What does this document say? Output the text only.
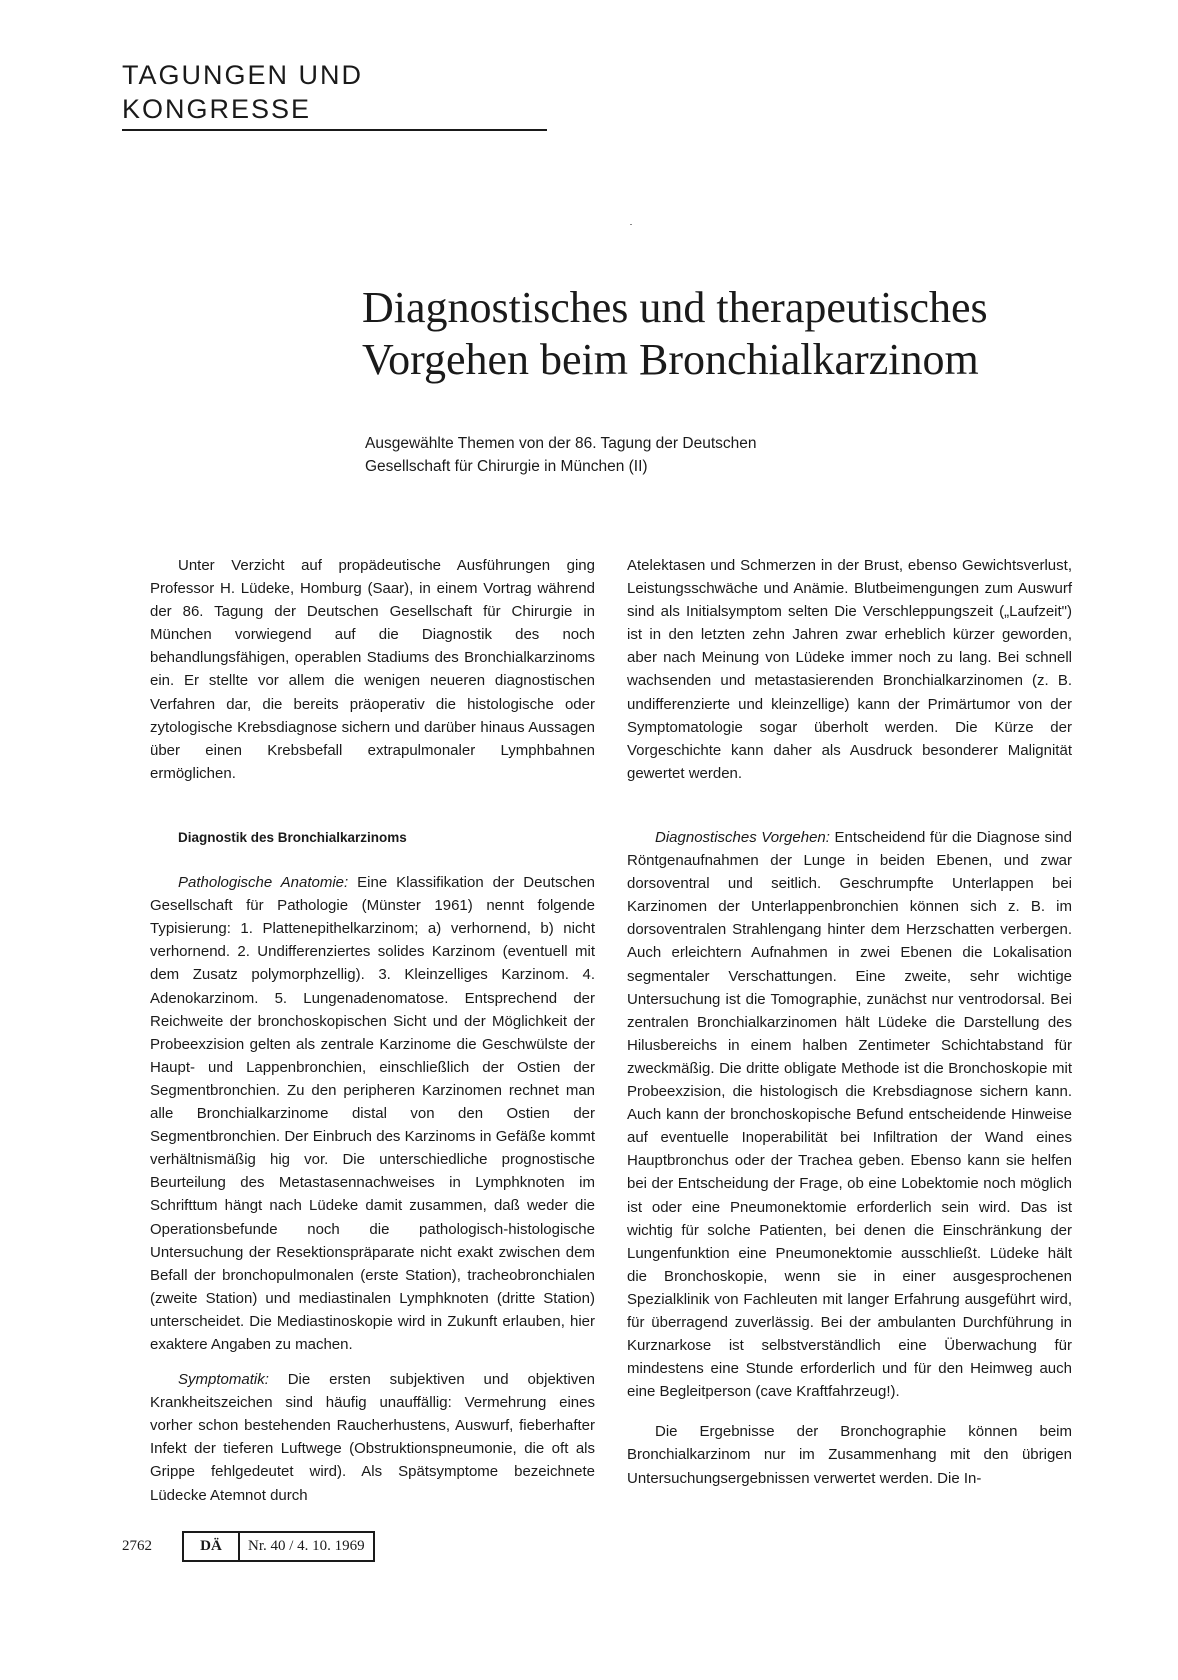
TAGUNGEN UND KONGRESSE
Diagnostisches und therapeutisches
Vorgehen beim Bronchialkarzinom
Ausgewählte Themen von der 86. Tagung der Deutschen
Gesellschaft für Chirurgie in München (II)

Unter Verzicht auf propädeutische Ausführungen ging Professor H. Lüdeke, Homburg (Saar), in einem Vortrag während der 86. Tagung der Deutschen Gesellschaft für Chirurgie in München vorwiegend auf die Diagnostik des noch behandlungsfähigen, operablen Stadiums des Bronchialkarzinoms ein. Er stellte vor allem die wenigen neueren diagnostischen Verfahren dar, die bereits präoperativ die histologische oder zytologische Krebsdiagnose sichern und darüber hinaus Aussagen über einen Krebsbefall extrapulmonaler Lymphbahnen ermöglichen.

Diagnostik des Bronchialkarzinoms

Pathologische Anatomie: Eine Klassifikation der Deutschen Gesellschaft für Pathologie (Münster 1961) nennt folgende Typisierung: 1. Plattenepithelkarzinom; a) verhornend, b) nicht verhornend. 2. Undifferenziertes solides Karzinom (eventuell mit dem Zusatz polymorphzellig). 3. Kleinzelliges Karzinom. 4. Adenokarzinom. 5. Lungenadenomatose. Entsprechend der Reichweite der bronchoskopischen Sicht und der Möglichkeit der Probeexzision gelten als zentrale Karzinome die Geschwülste der Haupt- und Lappenbronchien, einschließlich der Ostien der Segmentbronchien. Zu den peripheren Karzinomen rechnet man alle Bronchialkarzinome distal von den Ostien der Segmentbronchien. Der Einbruch des Karzinoms in Gefäße kommt verhältnismäßig hig vor. Die unterschiedliche prognostische Beurteilung des Metastasennachweises in Lymphknoten im Schrifttum hängt nach Lüdeke damit zusammen, daß weder die Operationsbefunde noch die pathologisch-histologische Untersuchung der Resektionspräparate nicht exakt zwischen dem Befall der bronchopulmonalen (erste Station), tracheobronchialen (zweite Station) und mediastinalen Lymphknoten (dritte Station) unterscheidet. Die Mediastinoskopie wird in Zukunft erlauben, hier exaktere Angaben zu machen.

Symptomatik: Die ersten subjektiven und objektiven Krankheitszeichen sind häufig unauffällig: Vermehrung eines vorher schon bestehenden Raucherhustens, Auswurf, fieberhafter Infekt der tieferen Luftwege (Obstruktionspneumonie, die oft als Grippe fehlgedeutet wird). Als Spätsymptome bezeichnete Lüdecke Atemnot durch

Atelektasen und Schmerzen in der Brust, ebenso Gewichtsverlust, Leistungsschwäche und Anämie. Blutbeimengungen zum Auswurf sind als Initialsymptom selten Die Verschleppungszeit („Laufzeit") ist in den letzten zehn Jahren zwar erheblich kürzer geworden, aber nach Meinung von Lüdeke immer noch zu lang. Bei schnell wachsenden und metastasierenden Bronchialkarzinomen (z. B. undifferenzierte und kleinzellige) kann der Primärtumor von der Symptomatologie sogar überholt werden. Die Kürze der Vorgeschichte kann daher als Ausdruck besonderer Malignität gewertet werden.

Diagnostisches Vorgehen: Entscheidend für die Diagnose sind Röntgenaufnahmen der Lunge in beiden Ebenen, und zwar dorsoventral und seitlich. Geschrumpfte Unterlappen bei Karzinomen der Unterlappenbronchien können sich z. B. im dorsoventralen Strahlengang hinter dem Herzschatten verbergen. Auch erleichtern Aufnahmen in zwei Ebenen die Lokalisation segmentaler Verschattungen. Eine zweite, sehr wichtige Untersuchung ist die Tomographie, zunächst nur ventrodorsal. Bei zentralen Bronchialkarzinomen hält Lüdeke die Darstellung des Hilusbereichs in einem halben Zentimeter Schichtabstand für zweckmäßig. Die dritte obligate Methode ist die Bronchoskopie mit Probeexzision, die histologisch die Krebsdiagnose sichern kann. Auch kann der bronchoskopische Befund entscheidende Hinweise auf eventuelle Inoperabilität bei Infiltration der Wand eines Hauptbronchus oder der Trachea geben. Ebenso kann sie helfen bei der Entscheidung der Frage, ob eine Lobektomie noch möglich ist oder eine Pneumonektomie erforderlich sein wird. Das ist wichtig für solche Patienten, bei denen die Einschränkung der Lungenfunktion eine Pneumonektomie ausschließt. Lüdeke hält die Bronchoskopie, wenn sie in einer ausgesprochenen Spezialklinik von Fachleuten mit langer Erfahrung ausgeführt wird, für überragend zuverlässig. Bei der ambulanten Durchführung in Kurznarkose ist selbstverständlich eine Überwachung für mindestens eine Stunde erforderlich und für den Heimweg auch eine Begleitperson (cave Kraftfahrzeug!).

Die Ergebnisse der Bronchographie können beim Bronchialkarzinom nur im Zusammenhang mit den übrigen Untersuchungsergebnissen verwertet werden. Die In-

2762	DÄ	Nr. 40 / 4. 10. 1969
